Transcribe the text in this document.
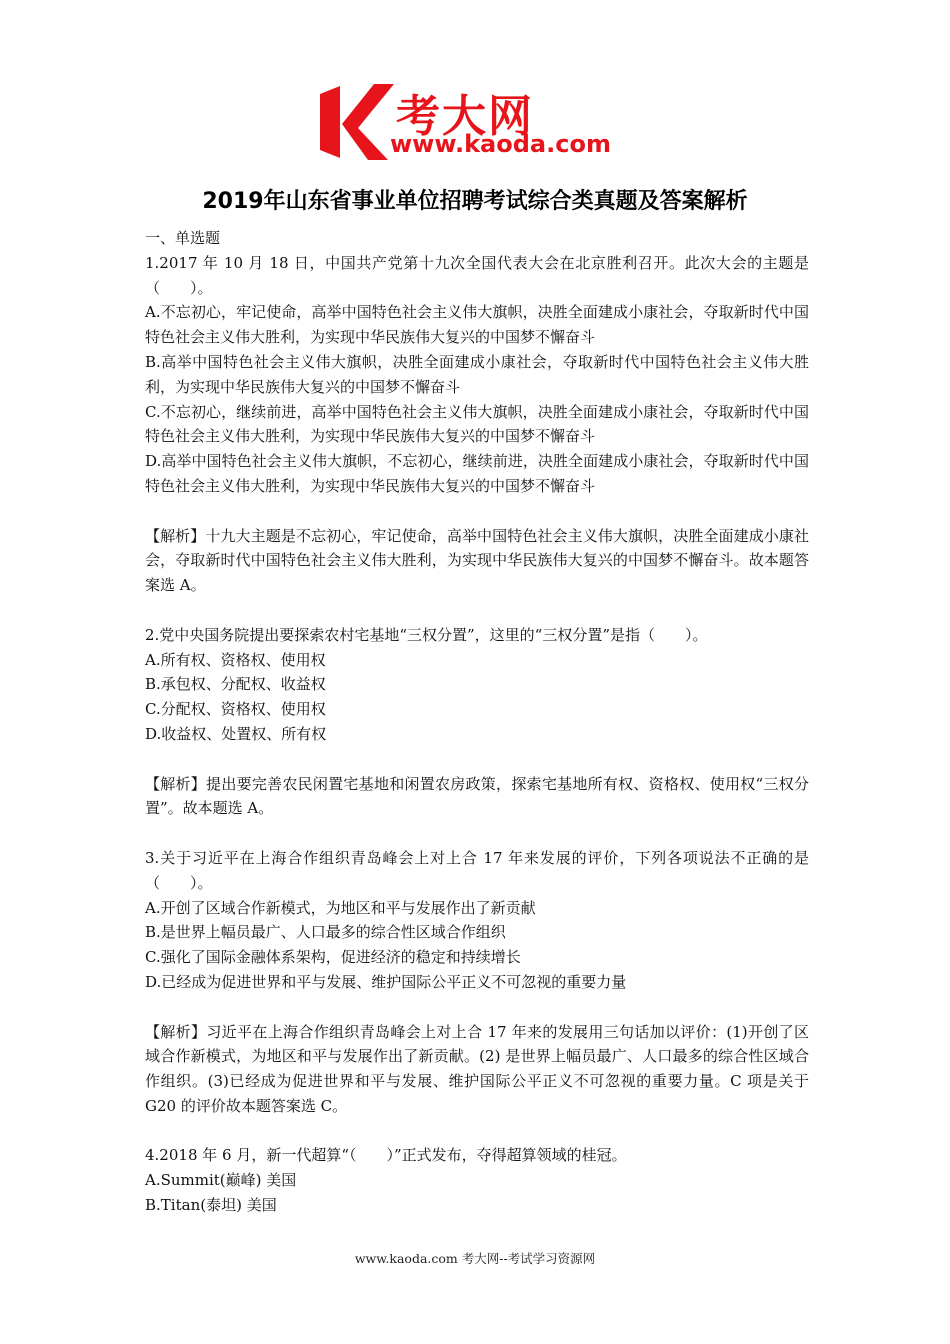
考大网
www.kaoda.com
2019年山东省事业单位招聘考试综合类真题及答案解析

一、单选题

1.2017 年 10 月 18 日，中国共产党第十九次全国代表大会在北京胜利召开。此次大会的主题是（　　）。

A.不忘初心，牢记使命，高举中国特色社会主义伟大旗帜，决胜全面建成小康社会，夺取新时代中国特色社会主义伟大胜利，为实现中华民族伟大复兴的中国梦不懈奋斗

B.高举中国特色社会主义伟大旗帜，决胜全面建成小康社会，夺取新时代中国特色社会主义伟大胜利，为实现中华民族伟大复兴的中国梦不懈奋斗

C.不忘初心，继续前进，高举中国特色社会主义伟大旗帜，决胜全面建成小康社会，夺取新时代中国特色社会主义伟大胜利，为实现中华民族伟大复兴的中国梦不懈奋斗

D.高举中国特色社会主义伟大旗帜，不忘初心，继续前进，决胜全面建成小康社会，夺取新时代中国特色社会主义伟大胜利，为实现中华民族伟大复兴的中国梦不懈奋斗

【解析】十九大主题是不忘初心，牢记使命，高举中国特色社会主义伟大旗帜，决胜全面建成小康社会，夺取新时代中国特色社会主义伟大胜利，为实现中华民族伟大复兴的中国梦不懈奋斗。故本题答案选 A。

2.党中央国务院提出要探索农村宅基地“三权分置”，这里的“三权分置”是指（　　）。

A.所有权、资格权、使用权

B.承包权、分配权、收益权

C.分配权、资格权、使用权

D.收益权、处置权、所有权

【解析】提出要完善农民闲置宅基地和闲置农房政策，探索宅基地所有权、资格权、使用权“三权分置”。故本题选 A。

3.关于习近平在上海合作组织青岛峰会上对上合 17 年来发展的评价，下列各项说法不正确的是（　　）。

A.开创了区域合作新模式，为地区和平与发展作出了新贡献

B.是世界上幅员最广、人口最多的综合性区域合作组织

C.强化了国际金融体系架构，促进经济的稳定和持续增长

D.已经成为促进世界和平与发展、维护国际公平正义不可忽视的重要力量

【解析】习近平在上海合作组织青岛峰会上对上合 17 年来的发展用三句话加以评价：(1)开创了区域合作新模式，为地区和平与发展作出了新贡献。(2) 是世界上幅员最广、人口最多的综合性区域合作组织。(3)已经成为促进世界和平与发展、维护国际公平正义不可忽视的重要力量。C 项是关于 G20 的评价故本题答案选 C。

4.2018 年 6 月，新一代超算“（　　）”正式发布，夺得超算领域的桂冠。

A.Summit(巅峰) 美国

B.Titan(泰坦) 美国

www.kaoda.com 考大网--考试学习资源网
